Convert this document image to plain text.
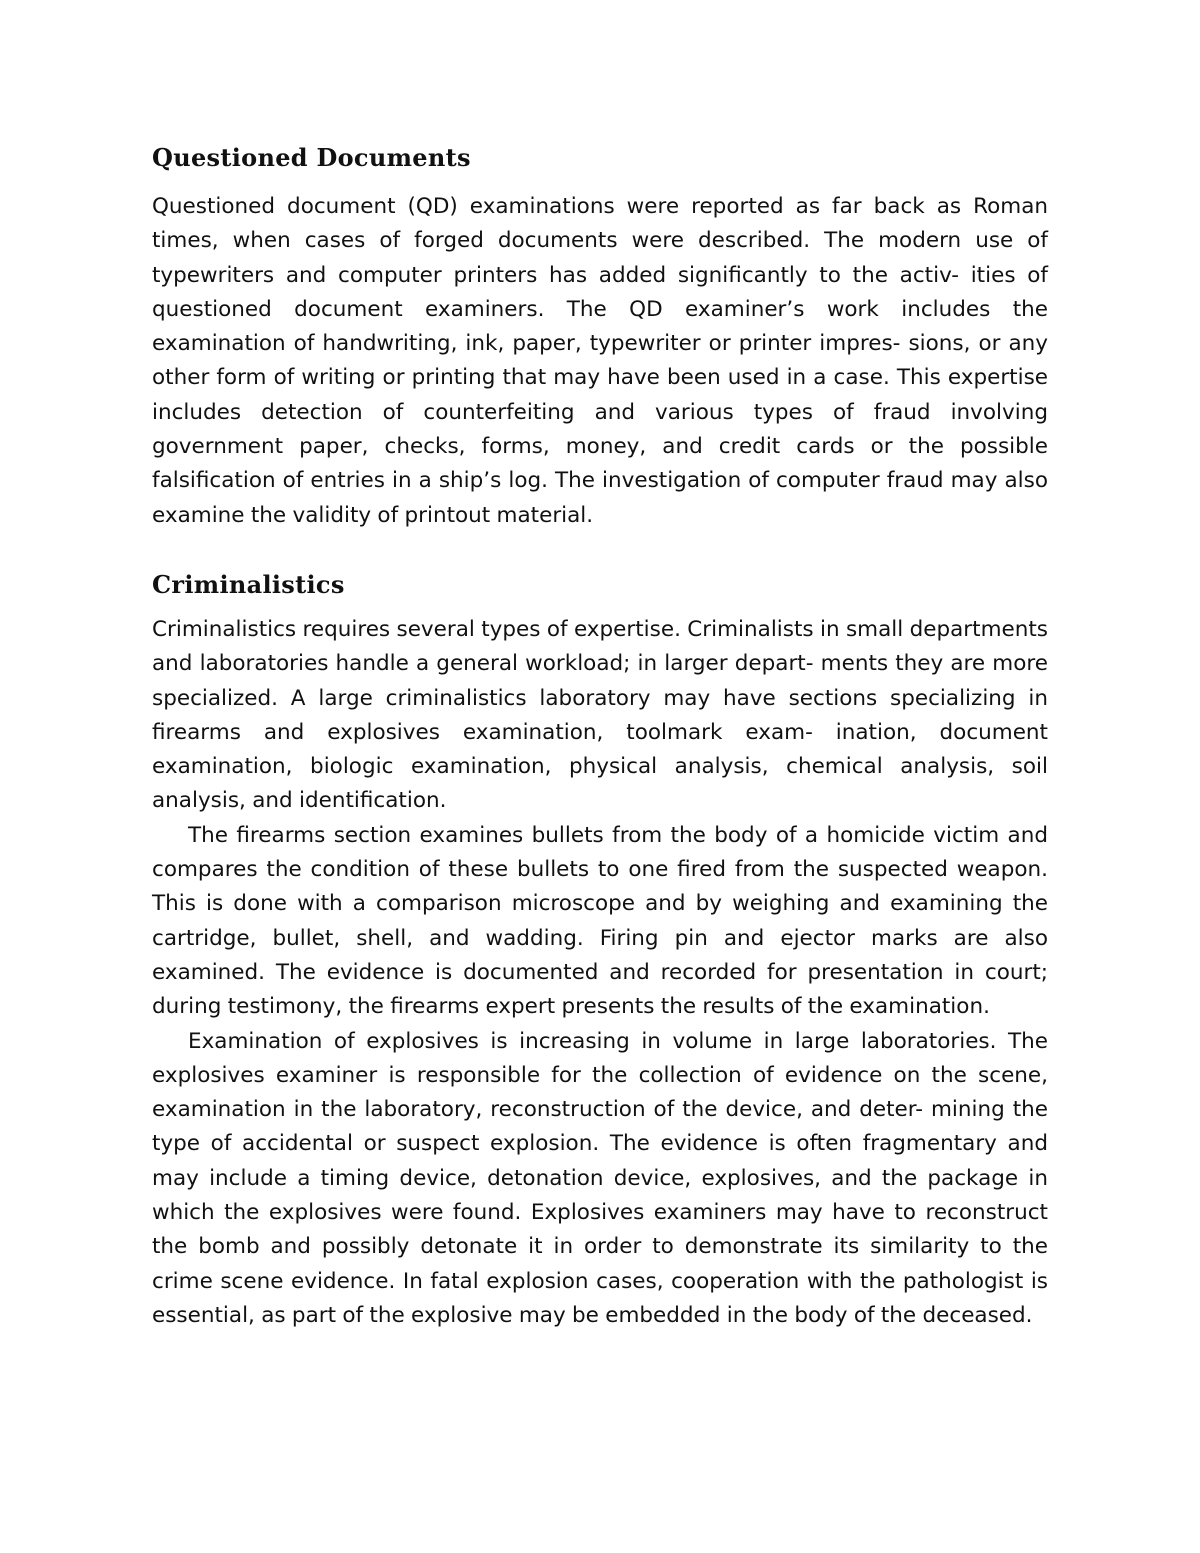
Questioned Documents

Questioned document (QD) examinations were reported as far back as Roman times, when cases of forged documents were described. The modern use of typewriters and computer printers has added significantly to the activ- ities of questioned document examiners. The QD examiner’s work includes the examination of handwriting, ink, paper, typewriter or printer impres- sions, or any other form of writing or printing that may have been used in a case. This expertise includes detection of counterfeiting and various types of fraud involving government paper, checks, forms, money, and credit cards or the possible falsification of entries in a ship’s log. The investigation of computer fraud may also examine the validity of printout material.

Criminalistics

Criminalistics requires several types of expertise. Criminalists in small departments and laboratories handle a general workload; in larger depart- ments they are more specialized. A large criminalistics laboratory may have sections specializing in firearms and explosives examination, toolmark exam- ination, document examination, biologic examination, physical analysis, chemical analysis, soil analysis, and identification.

The firearms section examines bullets from the body of a homicide victim and compares the condition of these bullets to one fired from the suspected weapon. This is done with a comparison microscope and by weighing and examining the cartridge, bullet, shell, and wadding. Firing pin and ejector marks are also examined. The evidence is documented and recorded for presentation in court; during testimony, the firearms expert presents the results of the examination.

Examination of explosives is increasing in volume in large laboratories. The explosives examiner is responsible for the collection of evidence on the scene, examination in the laboratory, reconstruction of the device, and deter- mining the type of accidental or suspect explosion. The evidence is often fragmentary and may include a timing device, detonation device, explosives, and the package in which the explosives were found. Explosives examiners may have to reconstruct the bomb and possibly detonate it in order to demonstrate its similarity to the crime scene evidence. In fatal explosion cases, cooperation with the pathologist is essential, as part of the explosive may be embedded in the body of the deceased.
